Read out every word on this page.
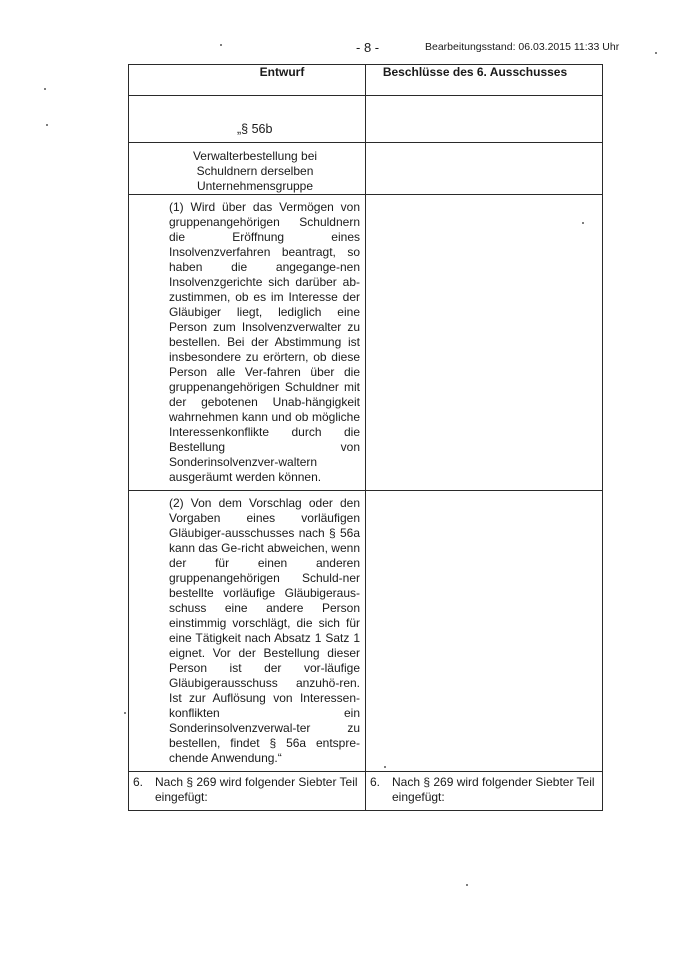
- 8 -	Bearbeitungsstand: 06.03.2015 11:33 Uhr
Entwurf	Beschlüsse des 6. Ausschusses

„§ 56b	

Verwalterbestellung bei Schuldnern derselben Unternehmensgruppe	

(1) Wird über das Vermögen von gruppenangehörigen Schuldnern die Eröffnung eines Insolvenzverfahren beantragt, so haben die angegange-nen Insolvenzgerichte sich darüber ab-zustimmen, ob es im Interesse der Gläubiger liegt, lediglich eine Person zum Insolvenzverwalter zu bestellen. Bei der Abstimmung ist insbesondere zu erörtern, ob diese Person alle Ver-fahren über die gruppenangehörigen Schuldner mit der gebotenen Unab-hängigkeit wahrnehmen kann und ob mögliche Interessenkonflikte durch die Bestellung von Sonderinsolvenzver-waltern ausgeräumt werden können.	

(2) Von dem Vorschlag oder den Vorgaben eines vorläufigen Gläubiger-ausschusses nach § 56a kann das Ge-richt abweichen, wenn der für einen anderen gruppenangehörigen Schuld-ner bestellte vorläufige Gläubigeraus-schuss eine andere Person einstimmig vorschlägt, die sich für eine Tätigkeit nach Absatz 1 Satz 1 eignet. Vor der Bestellung dieser Person ist der vor-läufige Gläubigerausschuss anzuhö-ren. Ist zur Auflösung von Interessen-konflikten ein Sonderinsolvenzverwal-ter zu bestellen, findet § 56a entspre-chende Anwendung.“	

6. Nach § 269 wird folgender Siebter Teil eingefügt:	6. Nach § 269 wird folgender Siebter Teil eingefügt:
